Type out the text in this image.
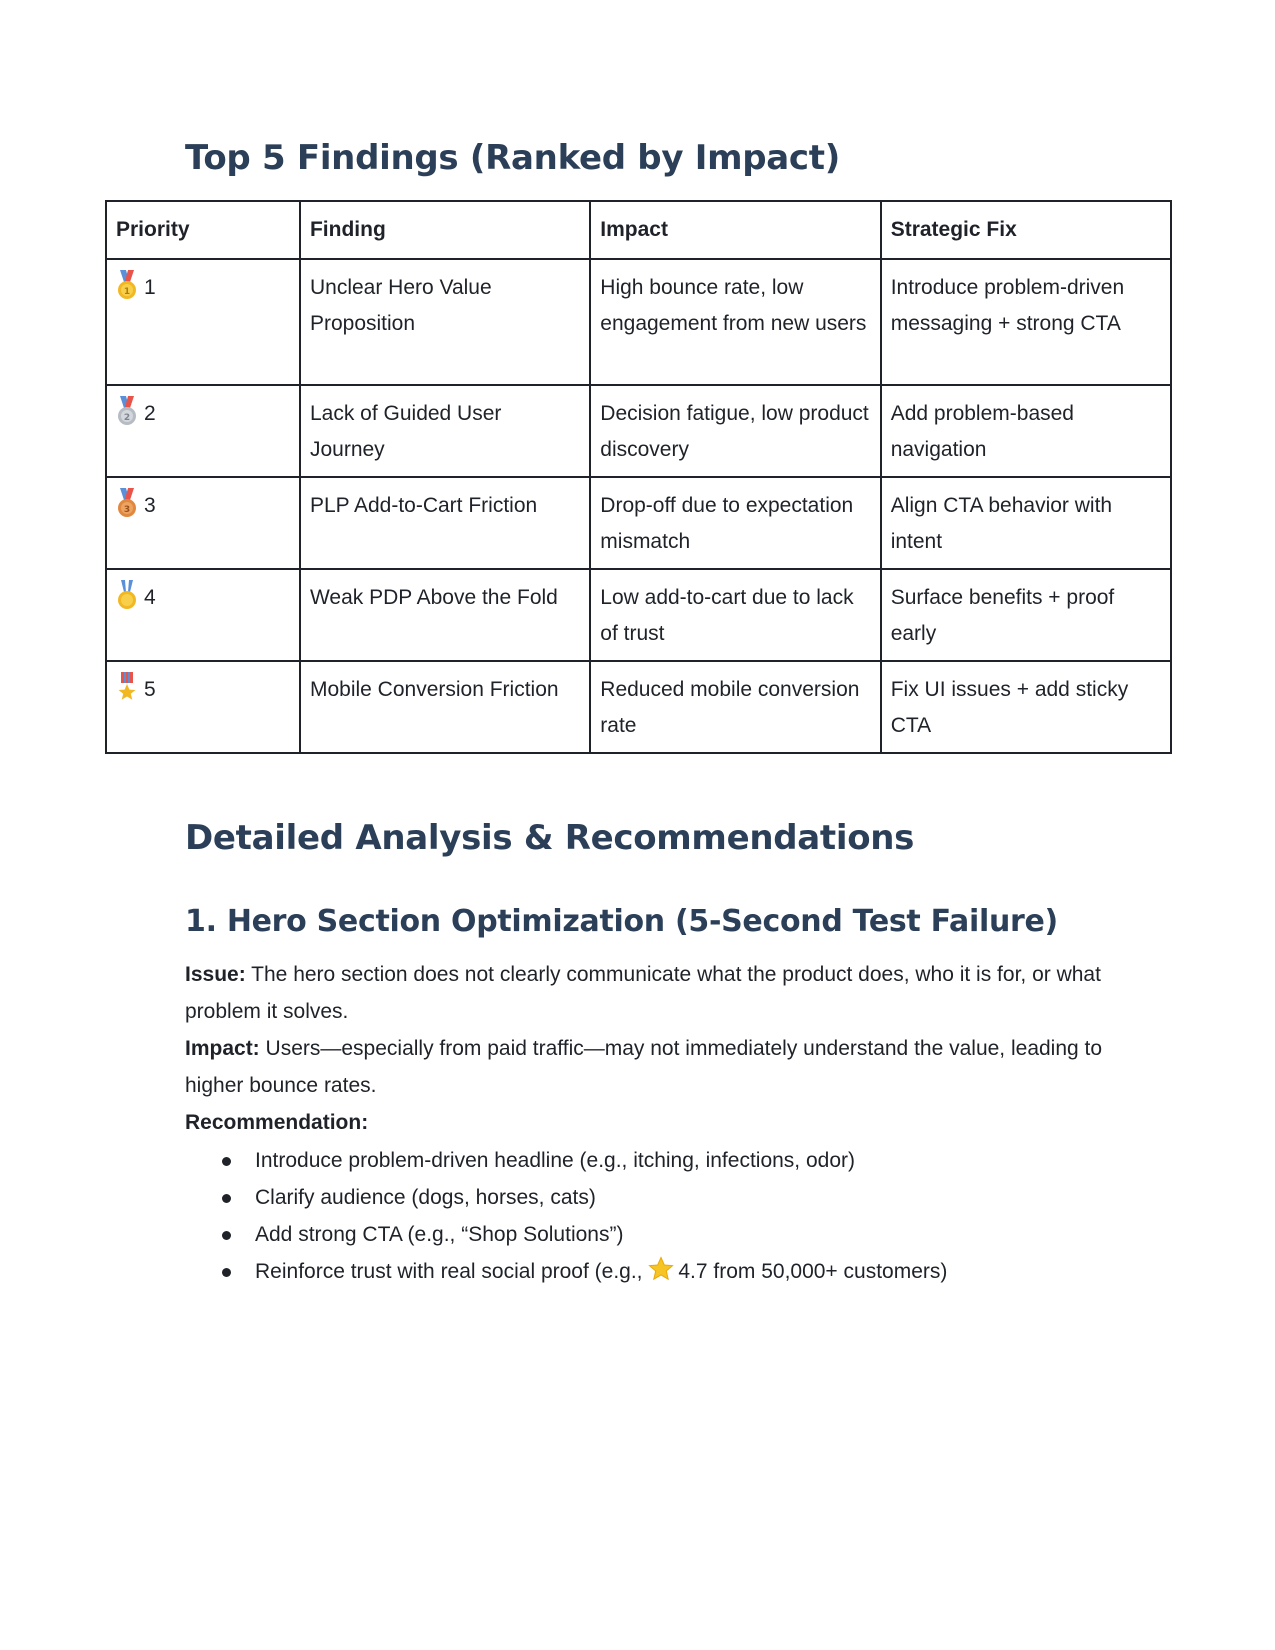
Top 5 Findings (Ranked by Impact)
Priority	Finding	Impact	Strategic Fix

1 1	Unclear Hero Value Proposition	High bounce rate, low engagement from new users	Introduce problem-driven messaging + strong CTA

2 2	Lack of Guided User Journey	Decision fatigue, low product discovery	Add problem-based navigation

3 3	PLP Add-to-Cart Friction	Drop-off due to expectation mismatch	Align CTA behavior with intent

4	Weak PDP Above the Fold	Low add-to-cart due to lack of trust	Surface benefits + proof early

5	Mobile Conversion Friction	Reduced mobile conversion rate	Fix UI issues + add sticky CTA
Detailed Analysis & Recommendations
1. Hero Section Optimization (5-Second Test Failure)
Issue: The hero section does not clearly communicate what the product does, who it is for, or what problem it solves.
Impact: Users—especially from paid traffic—may not immediately understand the value, leading to higher bounce rates.
Recommendation:
Introduce problem-driven headline (e.g., itching, infections, odor)
Clarify audience (dogs, horses, cats)
Add strong CTA (e.g., “Shop Solutions”)
Reinforce trust with real social proof (e.g., 4.7 from 50,000+ customers)
